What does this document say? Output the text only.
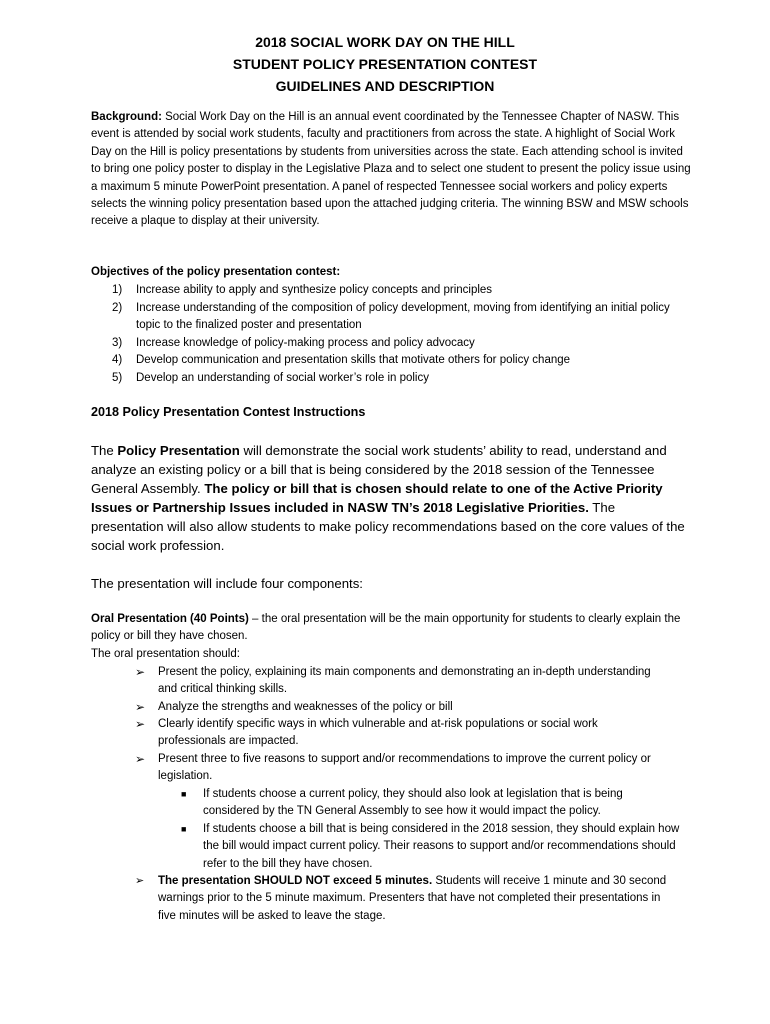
2018 SOCIAL WORK DAY ON THE HILL
STUDENT POLICY PRESENTATION CONTEST
GUIDELINES AND DESCRIPTION
Background: Social Work Day on the Hill is an annual event coordinated by the Tennessee Chapter of NASW. This event is attended by social work students, faculty and practitioners from across the state. A highlight of Social Work Day on the Hill is policy presentations by students from universities across the state. Each attending school is invited to bring one policy poster to display in the Legislative Plaza and to select one student to present the policy issue using a maximum 5 minute PowerPoint presentation. A panel of respected Tennessee social workers and policy experts selects the winning policy presentation based upon the attached judging criteria. The winning BSW and MSW schools receive a plaque to display at their university.
Objectives of the policy presentation contest:
1) Increase ability to apply and synthesize policy concepts and principles
2) Increase understanding of the composition of policy development, moving from identifying an initial policy topic to the finalized poster and presentation
3) Increase knowledge of policy-making process and policy advocacy
4) Develop communication and presentation skills that motivate others for policy change
5) Develop an understanding of social worker’s role in policy
2018 Policy Presentation Contest Instructions
The Policy Presentation will demonstrate the social work students’ ability to read, understand and analyze an existing policy or a bill that is being considered by the 2018 session of the Tennessee General Assembly. The policy or bill that is chosen should relate to one of the Active Priority Issues or Partnership Issues included in NASW TN’s 2018 Legislative Priorities. The presentation will also allow students to make policy recommendations based on the core values of the social work profession.
The presentation will include four components:
Oral Presentation (40 Points) – the oral presentation will be the main opportunity for students to clearly explain the policy or bill they have chosen.
The oral presentation should:
➢ Present the policy, explaining its main components and demonstrating an in-depth understanding and critical thinking skills.
➢ Analyze the strengths and weaknesses of the policy or bill
➢ Clearly identify specific ways in which vulnerable and at-risk populations or social work professionals are impacted.
➢ Present three to five reasons to support and/or recommendations to improve the current policy or legislation.
■ If students choose a current policy, they should also look at legislation that is being considered by the TN General Assembly to see how it would impact the policy.
■ If students choose a bill that is being considered in the 2018 session, they should explain how the bill would impact current policy. Their reasons to support and/or recommendations should refer to the bill they have chosen.
➢ The presentation SHOULD NOT exceed 5 minutes. Students will receive 1 minute and 30 second warnings prior to the 5 minute maximum. Presenters that have not completed their presentations in five minutes will be asked to leave the stage.
